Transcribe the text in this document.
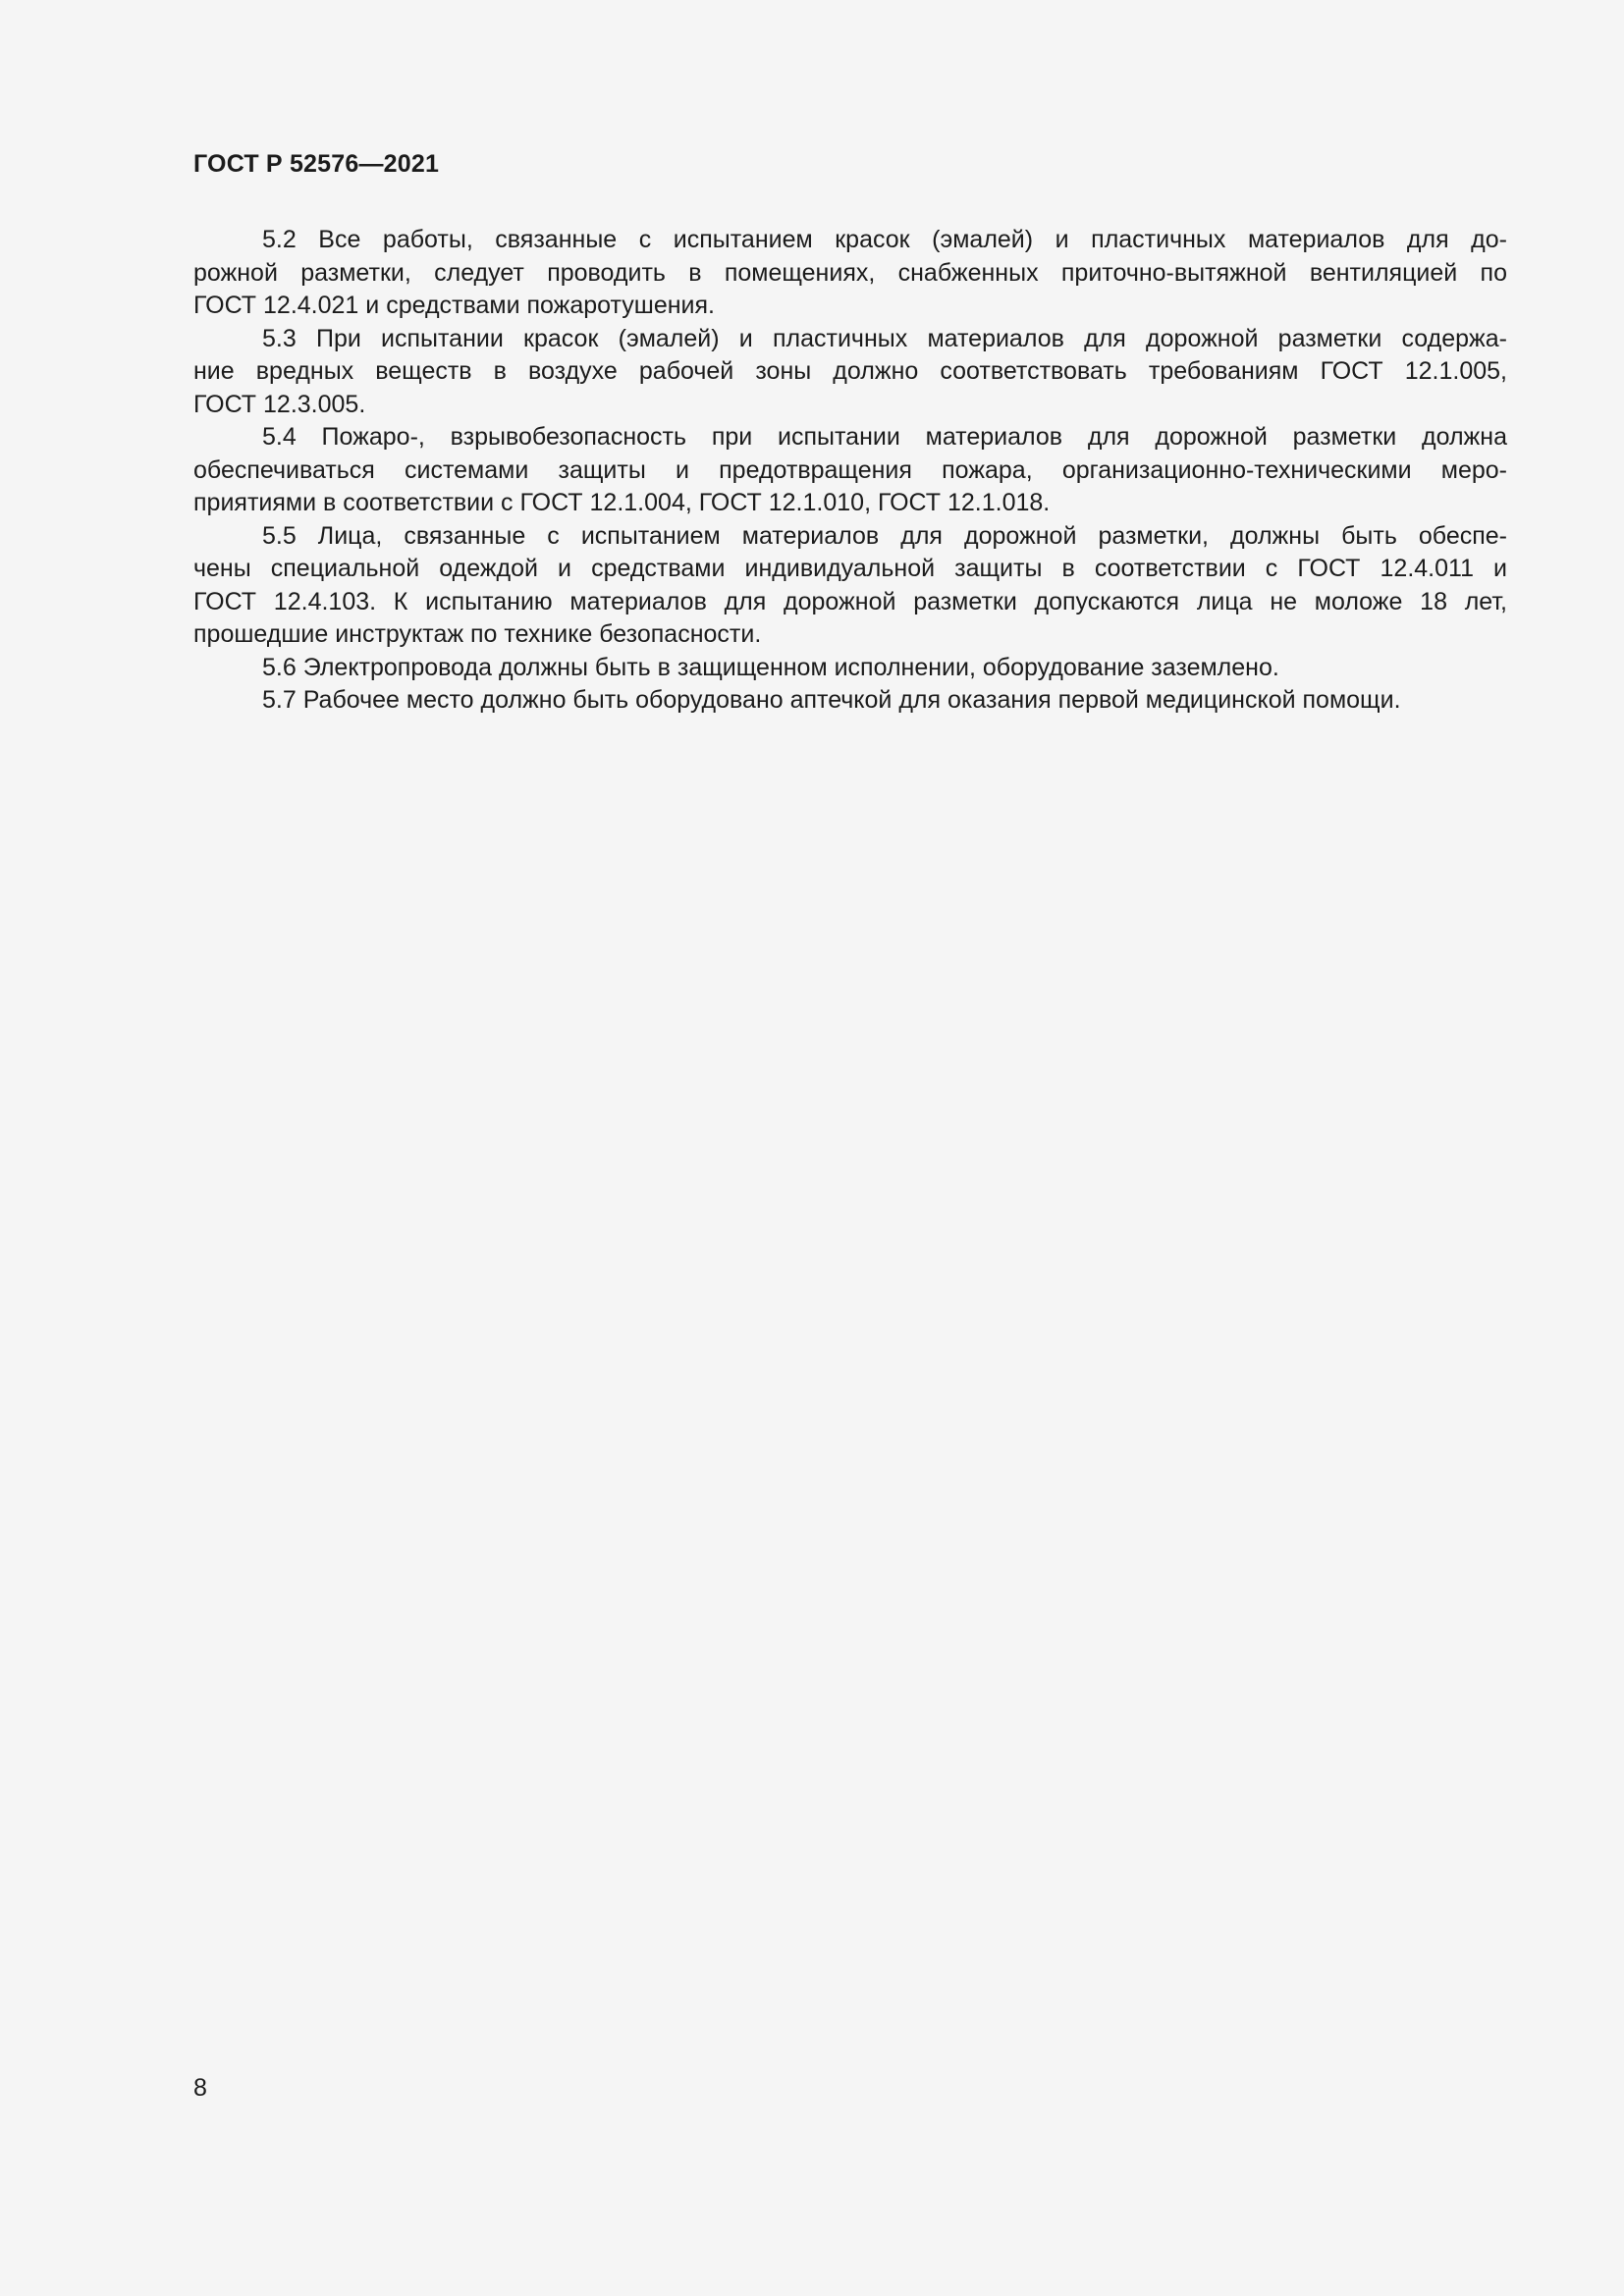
ГОСТ Р 52576—2021
5.2 Все работы, связанные с испытанием красок (эмалей) и пластичных материалов для до-
рожной разметки, следует проводить в помещениях, снабженных приточно-вытяжной вентиляцией по
ГОСТ 12.4.021 и средствами пожаротушения.
5.3 При испытании красок (эмалей) и пластичных материалов для дорожной разметки содержа-
ние вредных веществ в воздухе рабочей зоны должно соответствовать требованиям ГОСТ 12.1.005,
ГОСТ 12.3.005.
5.4 Пожаро-, взрывобезопасность при испытании материалов для дорожной разметки должна
обеспечиваться системами защиты и предотвращения пожара, организационно-техническими меро-
приятиями в соответствии с ГОСТ 12.1.004, ГОСТ 12.1.010, ГОСТ 12.1.018.
5.5 Лица, связанные с испытанием материалов для дорожной разметки, должны быть обеспе-
чены специальной одеждой и средствами индивидуальной защиты в соответствии с ГОСТ 12.4.011 и
ГОСТ 12.4.103. К испытанию материалов для дорожной разметки допускаются лица не моложе 18 лет,
прошедшие инструктаж по технике безопасности.
5.6 Электропровода должны быть в защищенном исполнении, оборудование заземлено.
5.7 Рабочее место должно быть оборудовано аптечкой для оказания первой медицинской помощи.
8
